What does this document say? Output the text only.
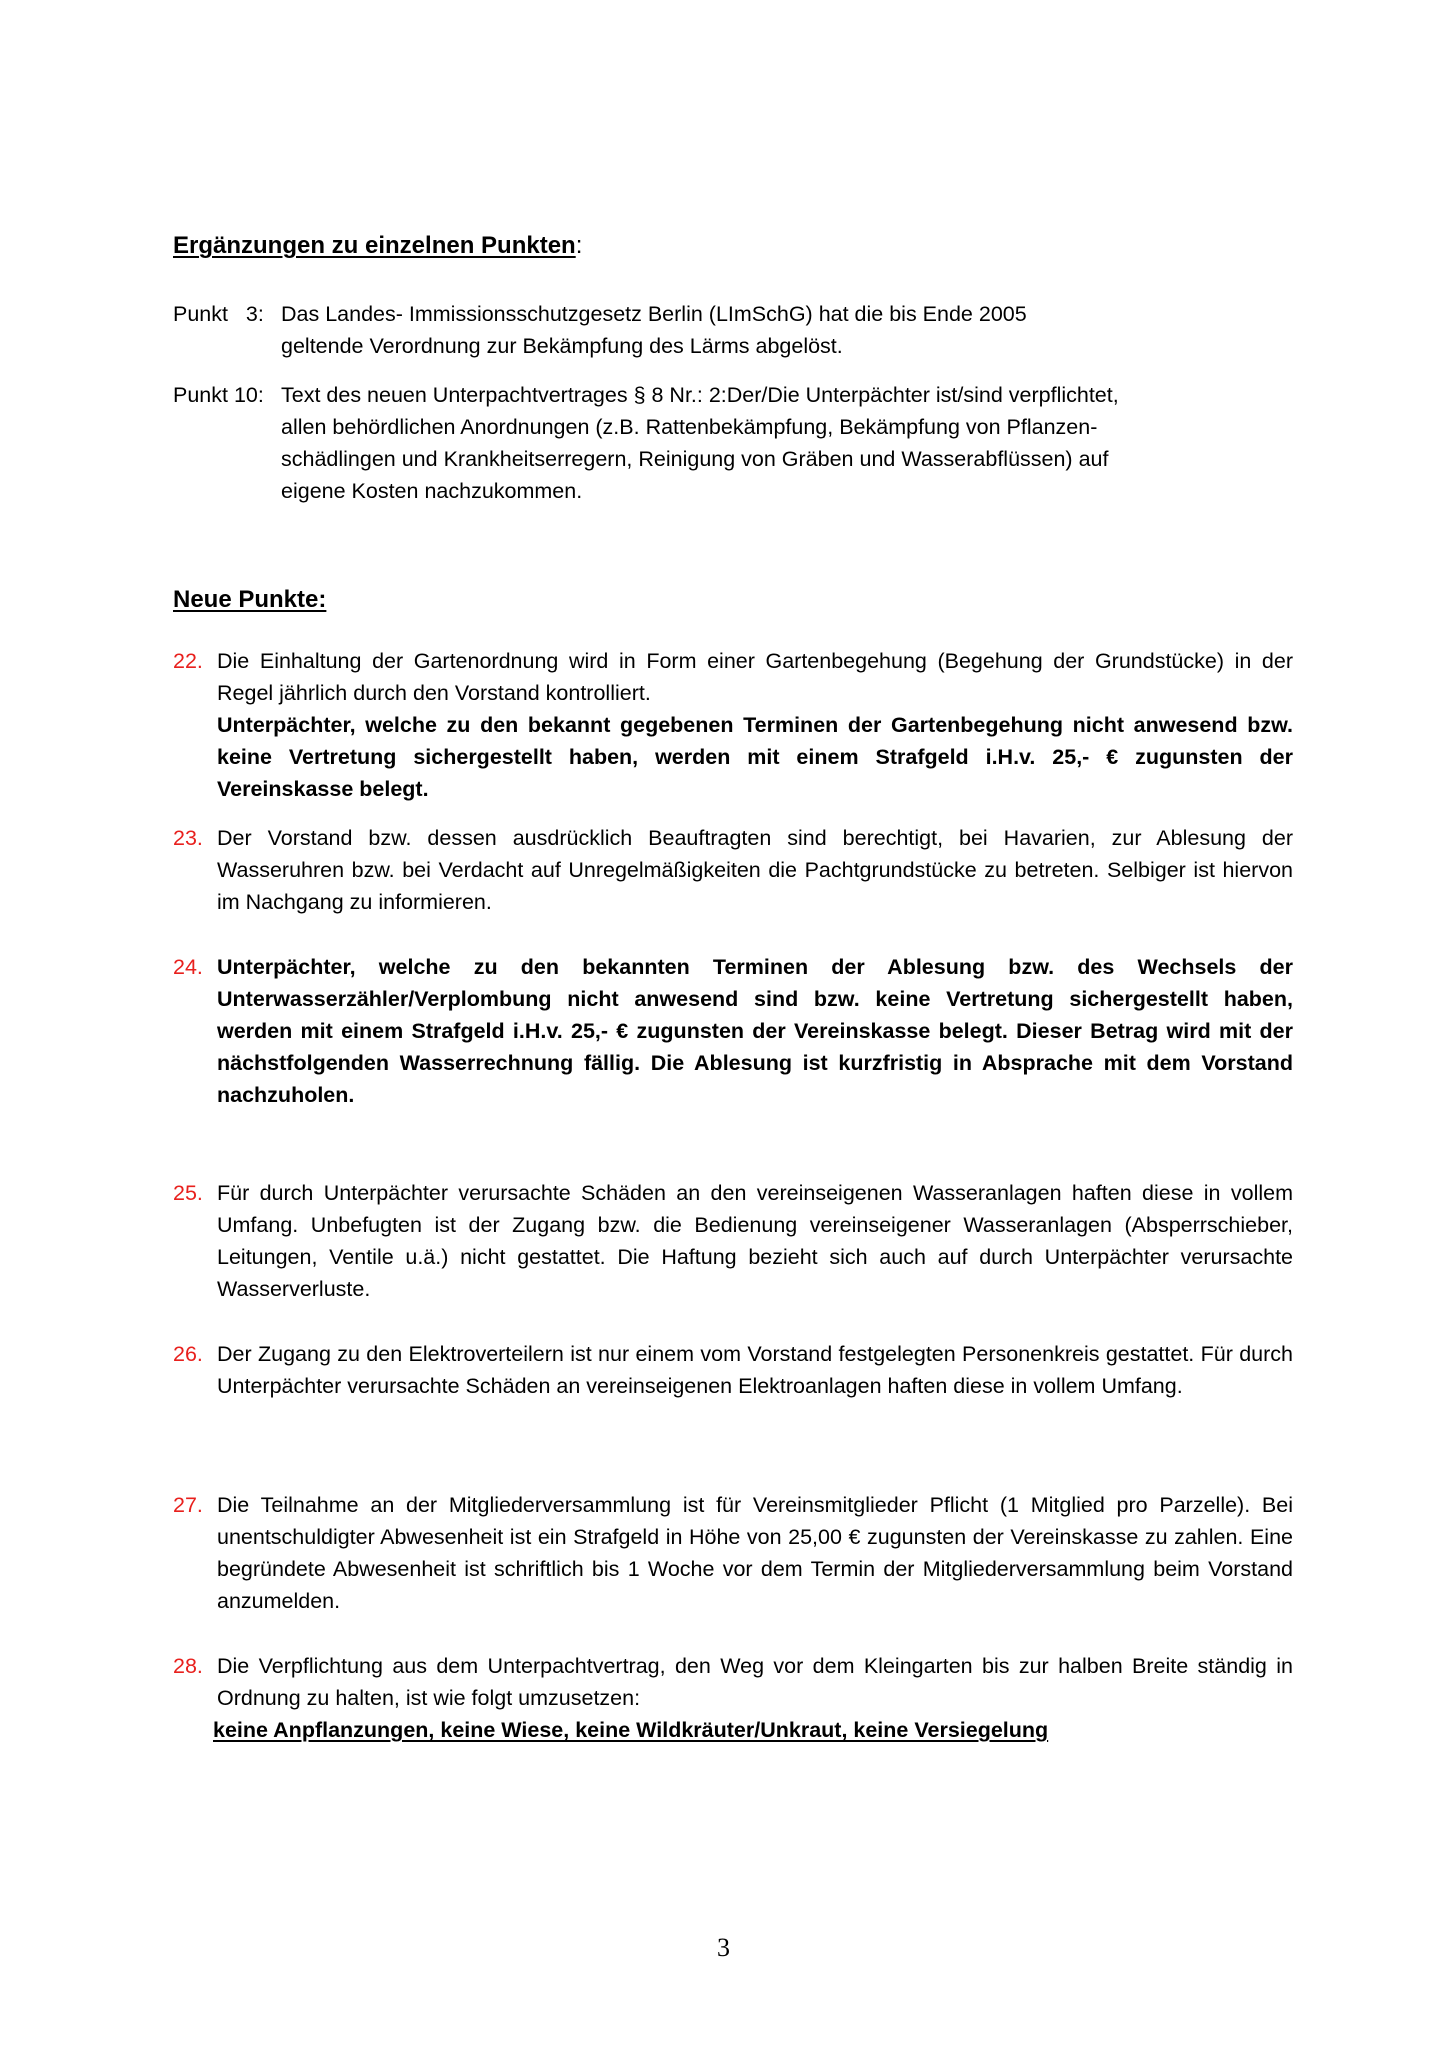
Ergänzungen zu einzelnen Punkten:
Punkt   3: Das Landes- Immissionsschutzgesetz Berlin (LImSchG) hat die bis Ende 2005
geltende Verordnung zur Bekämpfung des Lärms abgelöst.
Punkt 10: Text des neuen Unterpachtvertrages § 8 Nr.: 2:Der/Die Unterpächter ist/sind verpflichtet,
allen behördlichen Anordnungen (z.B. Rattenbekämpfung, Bekämpfung von Pflanzen-
schädlingen und Krankheitserregern, Reinigung von Gräben und Wasserabflüssen) auf
eigene Kosten nachzukommen.
Neue Punkte:
22. Die Einhaltung der Gartenordnung wird in Form einer Gartenbegehung (Begehung der Grundstücke) in der Regel jährlich durch den Vorstand kontrolliert.

Unterpächter, welche zu den bekannt gegebenen Terminen der Gartenbegehung nicht anwesend bzw. keine Vertretung sichergestellt haben, werden mit einem Strafgeld i.H.v. 25,- € zugunsten der Vereinskasse belegt.

23. Der Vorstand bzw. dessen ausdrücklich Beauftragten sind berechtigt, bei Havarien, zur Ablesung der Wasseruhren bzw. bei Verdacht auf Unregelmäßigkeiten die Pachtgrundstücke zu betreten. Selbiger ist hiervon im Nachgang zu informieren.

24. Unterpächter, welche zu den bekannten Terminen der Ablesung bzw. des Wechsels der Unterwasserzähler/Verplombung nicht anwesend sind bzw. keine Vertretung sichergestellt haben, werden mit einem Strafgeld i.H.v. 25,- € zugunsten der Vereinskasse belegt. Dieser Betrag wird mit der nächstfolgenden Wasserrechnung fällig. Die Ablesung ist kurzfristig in Absprache mit dem Vorstand nachzuholen.

25. Für durch Unterpächter verursachte Schäden an den vereinseigenen Wasseranlagen haften diese in vollem Umfang. Unbefugten ist der Zugang bzw. die Bedienung vereinseigener Wasseranlagen (Absperrschieber, Leitungen, Ventile u.ä.) nicht gestattet. Die Haftung bezieht sich auch auf durch Unterpächter verursachte Wasserverluste.

26. Der Zugang zu den Elektroverteilern ist nur einem vom Vorstand festgelegten Personenkreis gestattet. Für durch Unterpächter verursachte Schäden an vereinseigenen Elektroanlagen haften diese in vollem Umfang.

27. Die Teilnahme an der Mitgliederversammlung ist für Vereinsmitglieder Pflicht (1 Mitglied pro Parzelle). Bei unentschuldigter Abwesenheit ist ein Strafgeld in Höhe von 25,00 € zugunsten der Vereinskasse zu zahlen. Eine begründete Abwesenheit ist schriftlich bis 1 Woche vor dem Termin der Mitgliederversammlung beim Vorstand anzumelden.

28. Die Verpflichtung aus dem Unterpachtvertrag, den Weg vor dem Kleingarten bis zur halben Breite ständig in Ordnung zu halten, ist wie folgt umzusetzen:

keine Anpflanzungen, keine Wiese, keine Wildkräuter/Unkraut, keine Versiegelung
3
